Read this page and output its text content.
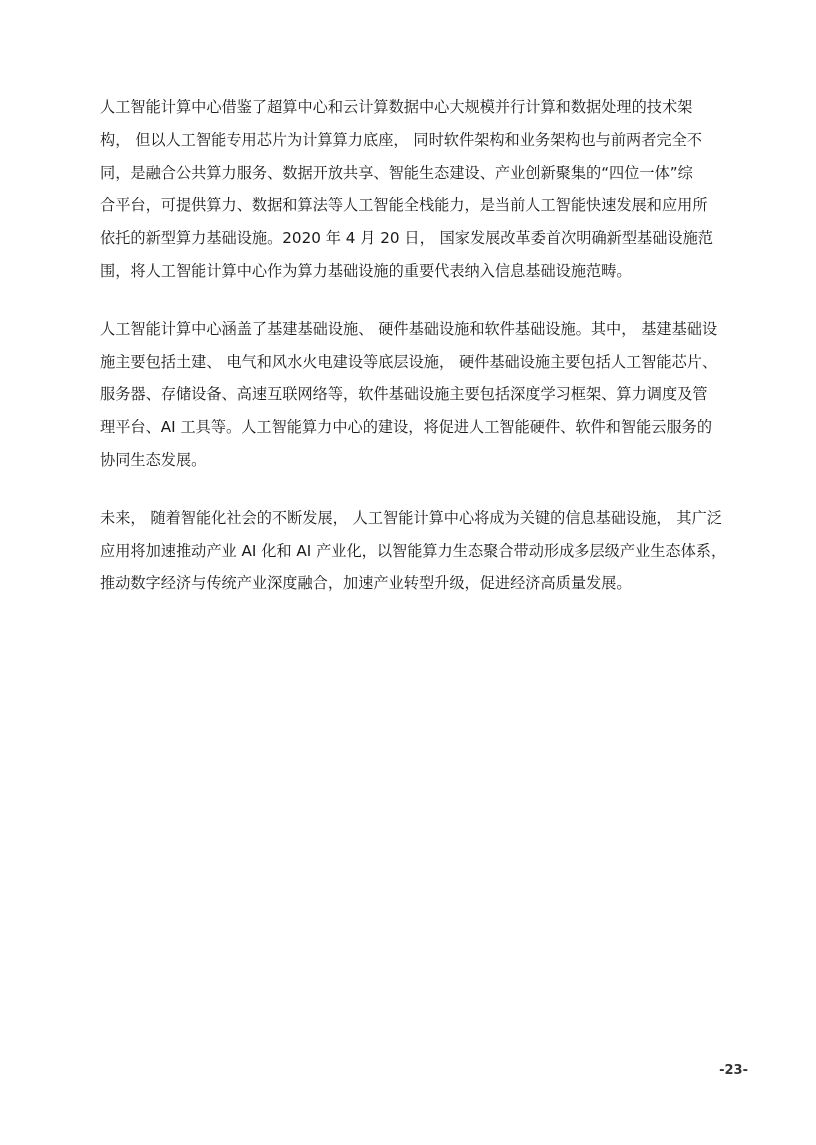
人工智能计算中心借鉴了超算中心和云计算数据中心大规模并行计算和数据处理的技术架
构， 但以人工智能专用芯片为计算算力底座， 同时软件架构和业务架构也与前两者完全不
同，是融合公共算力服务、数据开放共享、智能生态建设、产业创新聚集的“四位一体”综
合平台，可提供算力、数据和算法等人工智能全栈能力，是当前人工智能快速发展和应用所
依托的新型算力基础设施。2020 年 4 月 20 日， 国家发展改革委首次明确新型基础设施范
围，将人工智能计算中心作为算力基础设施的重要代表纳入信息基础设施范畴。

人工智能计算中心涵盖了基建基础设施、 硬件基础设施和软件基础设施。其中， 基建基础设
施主要包括土建、 电气和风水火电建设等底层设施， 硬件基础设施主要包括人工智能芯片、
服务器、存储设备、高速互联网络等，软件基础设施主要包括深度学习框架、算力调度及管
理平台、AI 工具等。人工智能算力中心的建设，将促进人工智能硬件、软件和智能云服务的
协同生态发展。

未来， 随着智能化社会的不断发展， 人工智能计算中心将成为关键的信息基础设施， 其广泛
应用将加速推动产业 AI 化和 AI 产业化，以智能算力生态聚合带动形成多层级产业生态体系，
推动数字经济与传统产业深度融合，加速产业转型升级，促进经济高质量发展。

-23-
